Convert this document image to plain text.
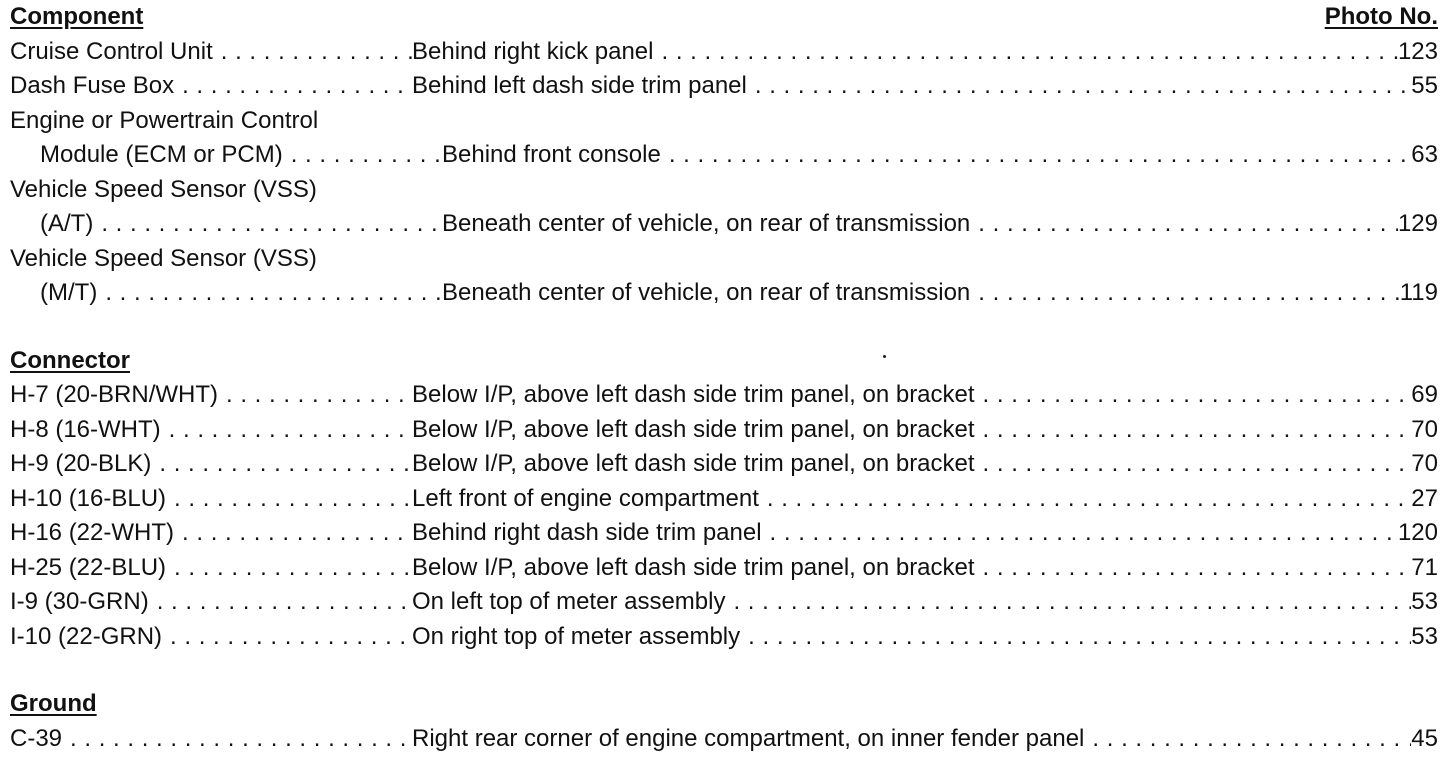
Component	Photo No.
Cruise Control Unit . . .	Behind right kick panel . . .	123
Dash Fuse Box . . .	Behind left dash side trim panel . . .	55
Engine or Powertrain Control
Module (ECM or PCM) . . .	Behind front console . . .	63
Vehicle Speed Sensor (VSS)
(A/T) . . .	Beneath center of vehicle, on rear of transmission . . .	129
Vehicle Speed Sensor (VSS)
(M/T) . . .	Beneath center of vehicle, on rear of transmission . . .	119
Connector
H-7 (20-BRN/WHT) . . .	Below I/P, above left dash side trim panel, on bracket . . .	69
H-8 (16-WHT) . . .	Below I/P, above left dash side trim panel, on bracket . . .	70
H-9 (20-BLK) . . .	Below I/P, above left dash side trim panel, on bracket . . .	70
H-10 (16-BLU) . . .	Left front of engine compartment . . .	27
H-16 (22-WHT) . . .	Behind right dash side trim panel . . .	120
H-25 (22-BLU) . . .	Below I/P, above left dash side trim panel, on bracket . . .	71
I-9 (30-GRN) . . .	On left top of meter assembly . . .	53
I-10 (22-GRN) . . .	On right top of meter assembly . . .	53
Ground
C-39 . . .	Right rear corner of engine compartment, on inner fender panel . . .	45
